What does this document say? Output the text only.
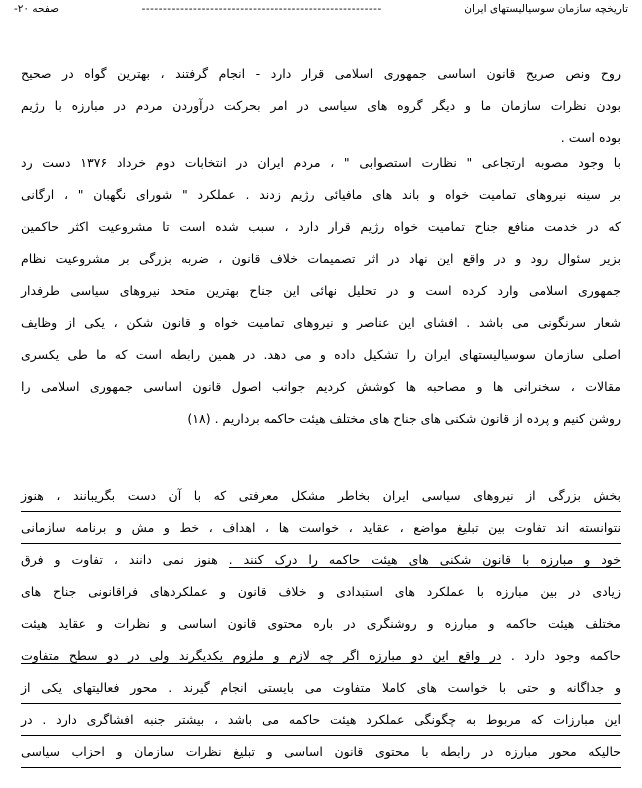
تاریخچه سازمان سوسیالیستهای ایران
--------------------------------------------------------
صفحه ۲۰-
روح ونص صریح قانون اساسی جمهوری اسلامی قرار دارد - انجام گرفتند ، بهترین گواه در صحیح
بودن نظرات سازمان ما و دیگر گروه های سیاسی در امر بحرکت درآوردن مردم در مبارزه با رژیم
بوده است .
با وجود مصوبه ارتجاعی " نظارت استصوابی " ، مردم ایران در انتخابات دوم خرداد ۱۳۷۶ دست رد
بر سینه نیروهای تمامیت خواه و باند های مافیائی رژیم زدند . عملکرد " شورای نگهبان " ، ارگانی
که در خدمت منافع جناح تمامیت خواه رژیم قرار دارد ، سبب شده است تا مشروعیت اکثر حاکمین
بزیر سئوال رود و در واقع این نهاد در اثر تصمیمات خلاف قانون ، ضربه بزرگی بر مشروعیت نظام
جمهوری اسلامی وارد کرده است و در تحلیل نهائی این جناح بهترین متحد نیروهای سیاسی طرفدار
شعار سرنگونی می باشد . افشای این عناصر و نیروهای تمامیت خواه و قانون شکن ، یکی از وظایف
اصلی سازمان سوسیالیستهای ایران را تشکیل داده و می دهد. در همین رابطه است که ما طی یکسری
مقالات ، سخنرانی ها و مصاحبه ها کوشش کردیم جوانب اصول قانون اساسی جمهوری اسلامی را
روشن کنیم و پرده از قانون شکنی های جناح های مختلف هیئت حاکمه برداریم . (۱۸)
بخش بزرگی از نیروهای سیاسی ایران بخاطر مشکل معرفتی که با آن دست بگریبانند ، هنوز
نتوانسته اند تفاوت بین تبلیغ مواضع ، عقاید ، خواست ها ، اهداف ، خط و مش و برنامه سازمانی
خود و مبارزه با قانون شکنی های هیئت حاکمه را درک کنند . هنوز نمی دانند ، تفاوت و فرق
زیادی در بین مبارزه با عملکرد های استبدادی و خلاف قانون و عملکردهای فراقانونی جناح های
مختلف هیئت حاکمه و مبارزه و روشنگری در باره محتوی قانون اساسی و نظرات و عقاید هیئت
حاکمه وجود دارد . در واقع این دو مبارزه اگر چه لازم و ملزوم یکدیگرند ولی در دو سطح متفاوت
و جداگانه و حتی با خواست های کاملا متفاوت می بایستی انجام گیرند . محور فعالیتهای یکی از
این مبارزات که مربوط به چگونگی عملکرد هیئت حاکمه می باشد ، بیشتر جنبه افشاگری دارد . در
حالیکه محور مبارزه در رابطه با محتوی قانون اساسی و تبلیغ نظرات سازمان و احزاب سیاسی
